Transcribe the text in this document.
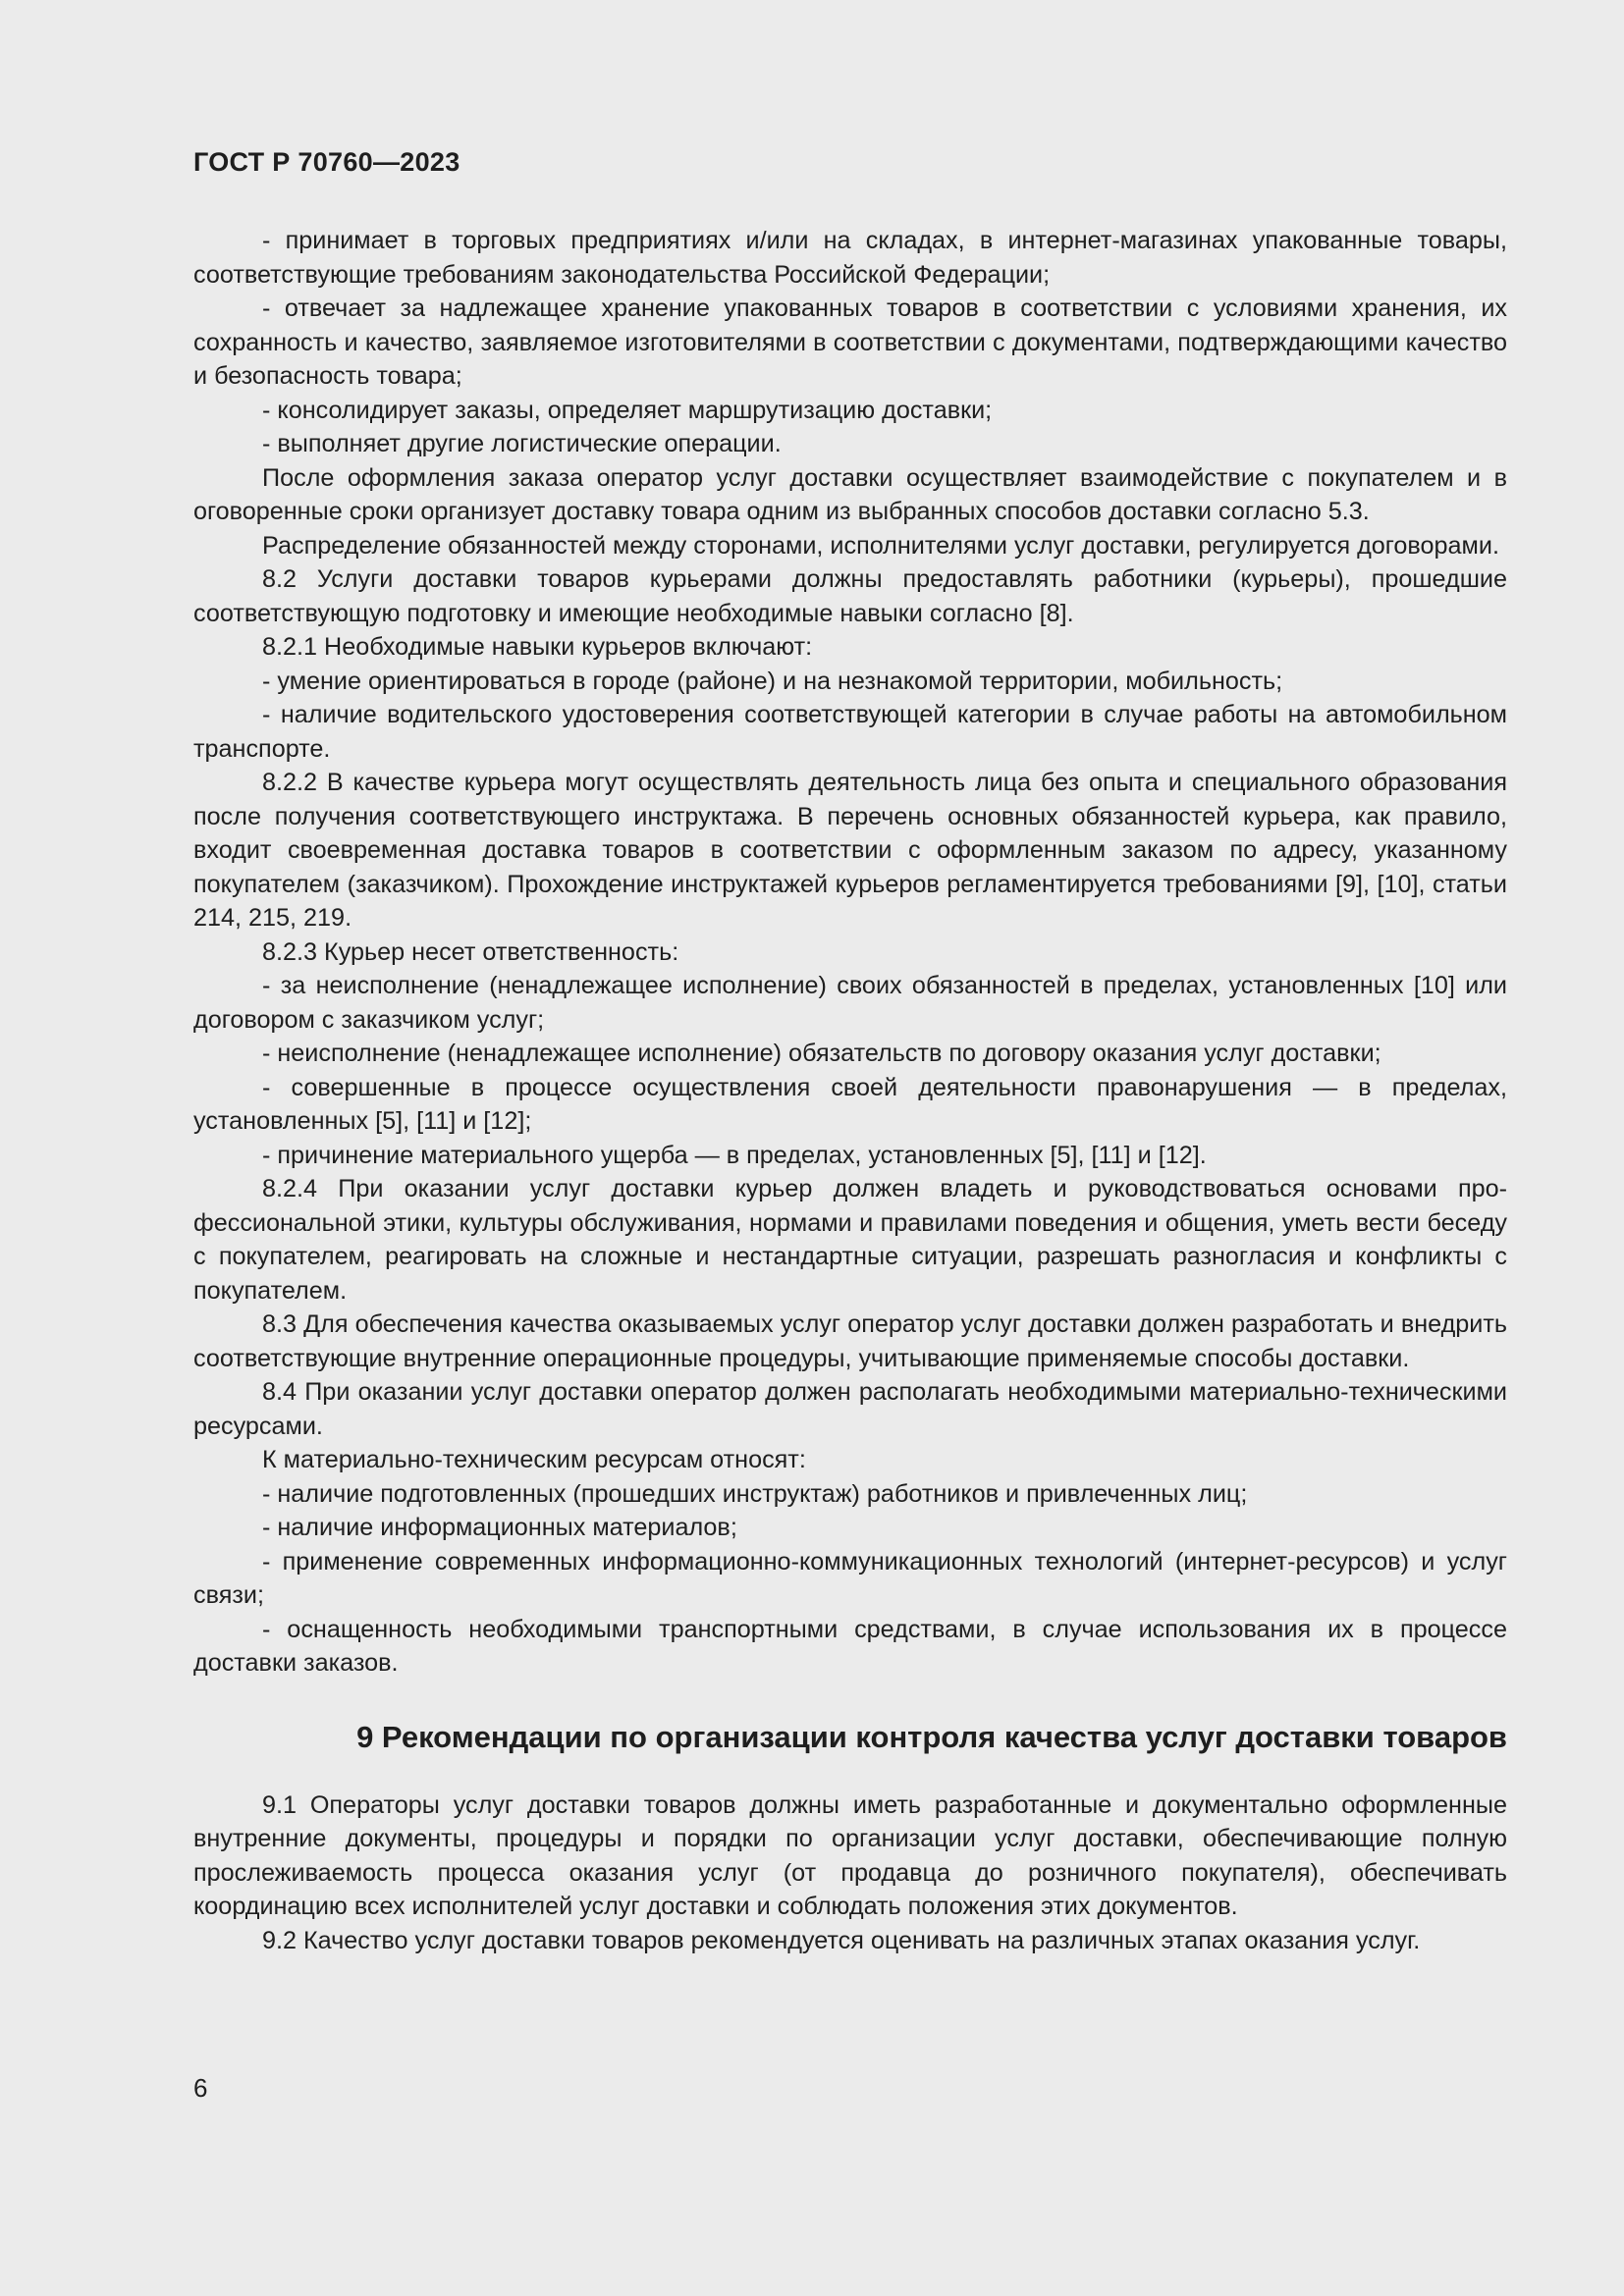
ГОСТ Р 70760—2023

- принимает в торговых предприятиях и/или на складах, в интернет-магазинах упакованные товары, соответствующие требованиям законодательства Российской Федерации;

- отвечает за надлежащее хранение упакованных товаров в соответствии с условиями хранения, их сохранность и качество, заявляемое изготовителями в соответствии с документами, подтверждающими качество и безопасность товара;

- консолидирует заказы, определяет маршрутизацию доставки;

- выполняет другие логистические операции.

После оформления заказа оператор услуг доставки осуществляет взаимодействие с покупателем и в оговоренные сроки организует доставку товара одним из выбранных способов доставки согласно 5.3.

Распределение обязанностей между сторонами, исполнителями услуг доставки, регулируется договорами.

8.2 Услуги доставки товаров курьерами должны предоставлять работники (курьеры), прошедшие соответствующую подготовку и имеющие необходимые навыки согласно [8].

8.2.1 Необходимые навыки курьеров включают:

- умение ориентироваться в городе (районе) и на незнакомой территории, мобильность;

- наличие водительского удостоверения соответствующей категории в случае работы на автомобильном транспорте.

8.2.2 В качестве курьера могут осуществлять деятельность лица без опыта и специального образования после получения соответствующего инструктажа. В перечень основных обязанностей курьера, как правило, входит своевременная доставка товаров в соответствии с оформленным заказом по адресу, указанному покупателем (заказчиком). Прохождение инструктажей курьеров регламентируется требованиями [9], [10], статьи 214, 215, 219.

8.2.3 Курьер несет ответственность:

- за неисполнение (ненадлежащее исполнение) своих обязанностей в пределах, установленных [10] или договором с заказчиком услуг;

- неисполнение (ненадлежащее исполнение) обязательств по договору оказания услуг доставки;

- совершенные в процессе осуществления своей деятельности правонарушения — в пределах, установленных [5], [11] и [12];

- причинение материального ущерба — в пределах, установленных [5], [11] и [12].

8.2.4 При оказании услуг доставки курьер должен владеть и руководствоваться основами профессиональной этики, культуры обслуживания, нормами и правилами поведения и общения, уметь вести беседу с покупателем, реагировать на сложные и нестандартные ситуации, разрешать разногласия и конфликты с покупателем.

8.3 Для обеспечения качества оказываемых услуг оператор услуг доставки должен разработать и внедрить соответствующие внутренние операционные процедуры, учитывающие применяемые способы доставки.

8.4 При оказании услуг доставки оператор должен располагать необходимыми материально-техническими ресурсами.

К материально-техническим ресурсам относят:

- наличие подготовленных (прошедших инструктаж) работников и привлеченных лиц;

- наличие информационных материалов;

- применение современных информационно-коммуникационных технологий (интернет-ресурсов) и услуг связи;

- оснащенность необходимыми транспортными средствами, в случае использования их в процессе доставки заказов.

9 Рекомендации по организации контроля качества услуг доставки товаров

9.1 Операторы услуг доставки товаров должны иметь разработанные и документально оформленные внутренние документы, процедуры и порядки по организации услуг доставки, обеспечивающие полную прослеживаемость процесса оказания услуг (от продавца до розничного покупателя), обеспечивать координацию всех исполнителей услуг доставки и соблюдать положения этих документов.

9.2 Качество услуг доставки товаров рекомендуется оценивать на различных этапах оказания услуг.

6
